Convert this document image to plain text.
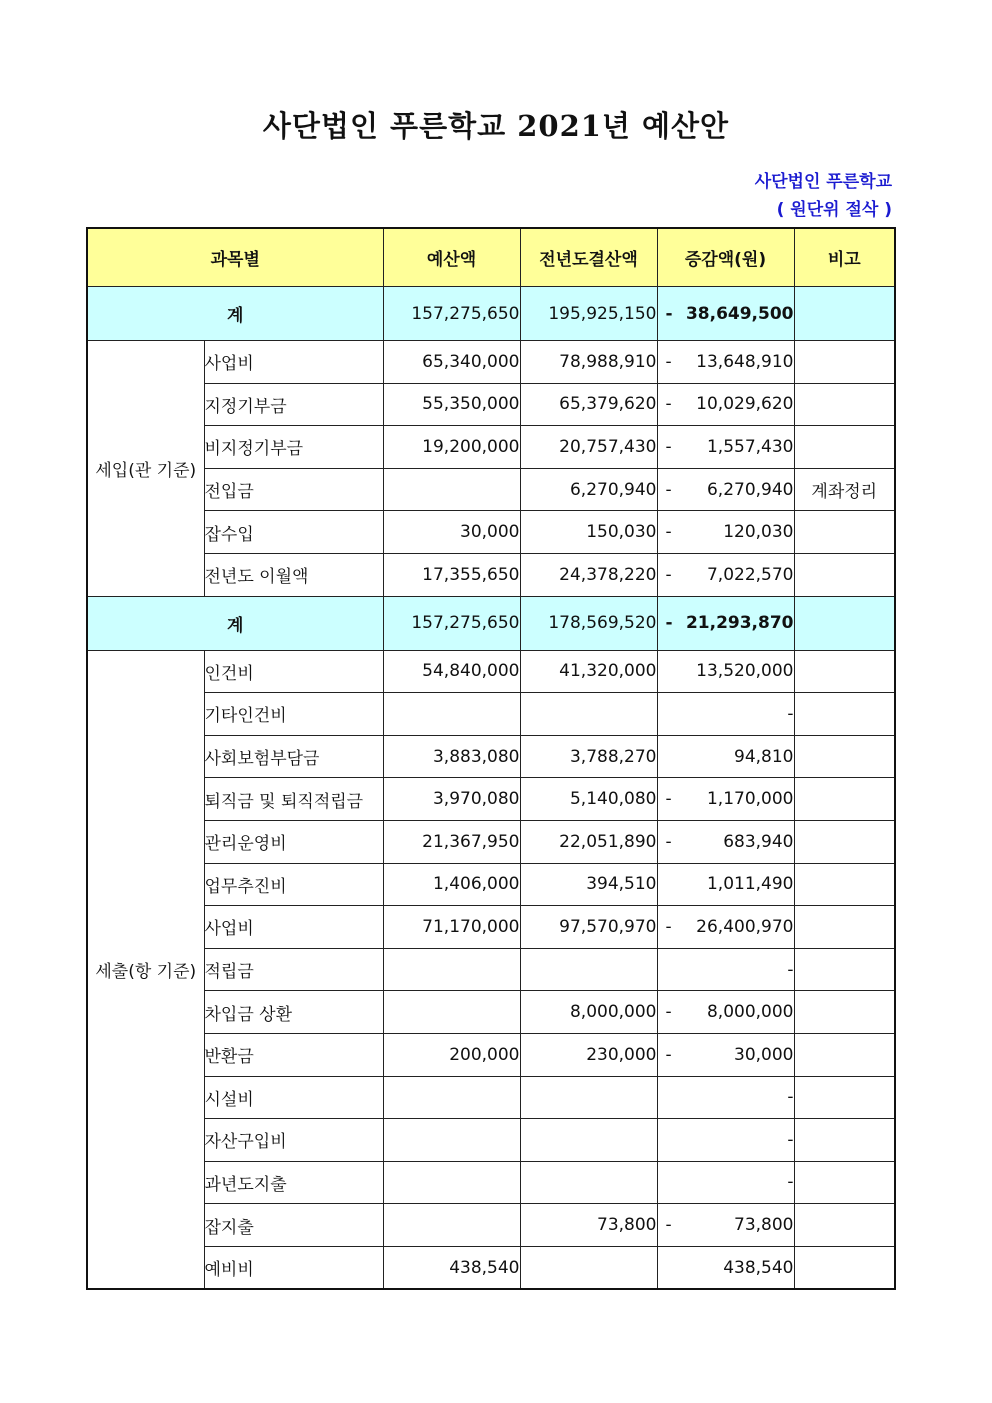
사단법인 푸른학교 2021년 예산안
사단법인 푸른학교
( 원단위 절삭 )
과목별		예산액	전년도결산액	증감액(원)	비고
계		157,275,650	195,925,150	- 38,649,500	
세입(관 기준)	사업비	65,340,000	78,988,910	- 13,648,910	
	지정기부금	55,350,000	65,379,620	- 10,029,620	
	비지정기부금	19,200,000	20,757,430	- 1,557,430	
	전입금		6,270,940	- 6,270,940	계좌정리
	잡수입	30,000	150,030	- 120,030	
	전년도 이월액	17,355,650	24,378,220	- 7,022,570	
계		157,275,650	178,569,520	- 21,293,870	
세출(항 기준)	인건비	54,840,000	41,320,000	13,520,000	
	기타인건비			-	
	사회보험부담금	3,883,080	3,788,270	94,810	
	퇴직금 및 퇴직적립금	3,970,080	5,140,080	- 1,170,000	
	관리운영비	21,367,950	22,051,890	- 683,940	
	업무추진비	1,406,000	394,510	1,011,490	
	사업비	71,170,000	97,570,970	- 26,400,970	
	적립금			-	
	차입금 상환		8,000,000	- 8,000,000	
	반환금	200,000	230,000	- 30,000	
	시설비			-	
	자산구입비			-	
	과년도지출			-	
	잡지출		73,800	- 73,800	
	예비비	438,540		438,540	
